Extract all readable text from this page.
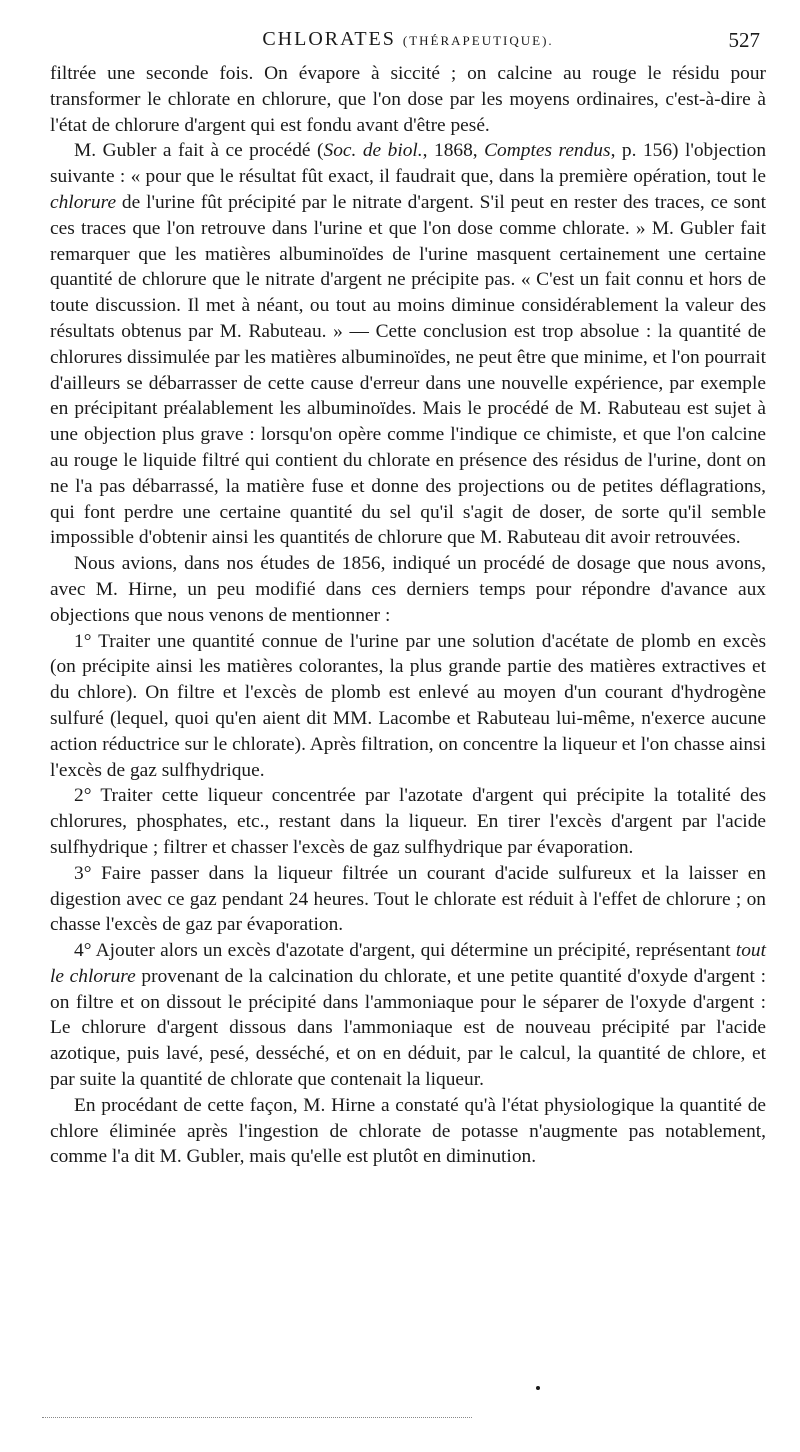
CHLORATES (THÉRAPEUTIQUE).	527

filtrée une seconde fois. On évapore à siccité ; on calcine au rouge le résidu pour transformer le chlorate en chlorure, que l'on dose par les moyens ordinaires, c'est-à-dire à l'état de chlorure d'argent qui est fondu avant d'être pesé.

M. Gubler a fait à ce procédé (Soc. de biol., 1868, Comptes rendus, p. 156) l'objection suivante : « pour que le résultat fût exact, il faudrait que, dans la première opération, tout le chlorure de l'urine fût précipité par le nitrate d'argent. S'il peut en rester des traces, ce sont ces traces que l'on retrouve dans l'urine et que l'on dose comme chlorate. » M. Gubler fait remarquer que les matières albuminoïdes de l'urine masquent certainement une certaine quantité de chlorure que le nitrate d'argent ne précipite pas. « C'est un fait connu et hors de toute discussion. Il met à néant, ou tout au moins diminue considérablement la valeur des résultats obtenus par M. Rabuteau. » — Cette conclusion est trop absolue : la quantité de chlorures dissimulée par les matières albuminoïdes, ne peut être que minime, et l'on pourrait d'ailleurs se débarrasser de cette cause d'erreur dans une nouvelle expérience, par exemple en précipitant préalablement les albuminoïdes. Mais le procédé de M. Rabuteau est sujet à une objection plus grave : lorsqu'on opère comme l'indique ce chimiste, et que l'on calcine au rouge le liquide filtré qui contient du chlorate en présence des résidus de l'urine, dont on ne l'a pas débarrassé, la matière fuse et donne des projections ou de petites déflagrations, qui font perdre une certaine quantité du sel qu'il s'agit de doser, de sorte qu'il semble impossible d'obtenir ainsi les quantités de chlorure que M. Rabuteau dit avoir retrouvées.

Nous avions, dans nos études de 1856, indiqué un procédé de dosage que nous avons, avec M. Hirne, un peu modifié dans ces derniers temps pour répondre d'avance aux objections que nous venons de mentionner :

1° Traiter une quantité connue de l'urine par une solution d'acétate de plomb en excès (on précipite ainsi les matières colorantes, la plus grande partie des matières extractives et du chlore). On filtre et l'excès de plomb est enlevé au moyen d'un courant d'hydrogène sulfuré (lequel, quoi qu'en aient dit MM. Lacombe et Rabuteau lui-même, n'exerce aucune action réductrice sur le chlorate). Après filtration, on concentre la liqueur et l'on chasse ainsi l'excès de gaz sulfhydrique.

2° Traiter cette liqueur concentrée par l'azotate d'argent qui précipite la totalité des chlorures, phosphates, etc., restant dans la liqueur. En tirer l'excès d'argent par l'acide sulfhydrique ; filtrer et chasser l'excès de gaz sulfhydrique par évaporation.

3° Faire passer dans la liqueur filtrée un courant d'acide sulfureux et la laisser en digestion avec ce gaz pendant 24 heures. Tout le chlorate est réduit à l'effet de chlorure ; on chasse l'excès de gaz par évaporation.

4° Ajouter alors un excès d'azotate d'argent, qui détermine un précipité, représentant tout le chlorure provenant de la calcination du chlorate, et une petite quantité d'oxyde d'argent : on filtre et on dissout le précipité dans l'ammoniaque pour le séparer de l'oxyde d'argent : Le chlorure d'argent dissous dans l'ammoniaque est de nouveau précipité par l'acide azotique, puis lavé, pesé, desséché, et on en déduit, par le calcul, la quantité de chlore, et par suite la quantité de chlorate que contenait la liqueur.

En procédant de cette façon, M. Hirne a constaté qu'à l'état physiologique la quantité de chlore éliminée après l'ingestion de chlorate de potasse n'augmente pas notablement, comme l'a dit M. Gubler, mais qu'elle est plutôt en diminution.
